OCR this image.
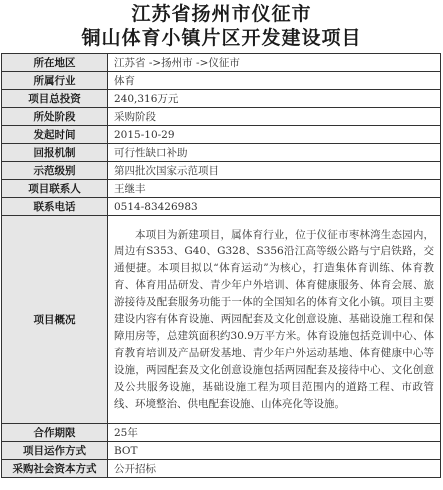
江苏省扬州市仪征市
铜山体育小镇片区开发建设项目
所在地区	江苏省 ->扬州市 ->仪征市
所属行业	体育
项目总投资	240,316万元
所处阶段	采购阶段
发起时间	2015-10-29
回报机制	可行性缺口补助
示范级别	第四批次国家示范项目
项目联系人	王继丰
联系电话	0514-83426983
项目概况	本项目为新建项目，属体育行业，位于仪征市枣林湾生态园内，周边有S353、G40、G328、S356沿江高等级公路与宁启铁路，交通便捷。本项目拟以“体育运动”为核心，打造集体育训练、体育教育、体育用品研发、青少年户外培训、体育健康服务、体育会展、旅游接待及配套服务功能于一体的全国知名的体育文化小镇。项目主要建设内容有体育设施、两园配套及文化创意设施、基础设施工程和保障用房等，总建筑面积约30.9万平方米。体育设施包括竞训中心、体育教育培训及产品研发基地、青少年户外运动基地、体育健康中心等设施，两园配套及文化创意设施包括两园配套及接待中心、文化创意及公共服务设施，基础设施工程为项目范围内的道路工程、市政管线、环境整治、供电配套设施、山体亮化等设施。
合作期限	25年
项目运作方式	BOT
采购社会资本方式	公开招标
